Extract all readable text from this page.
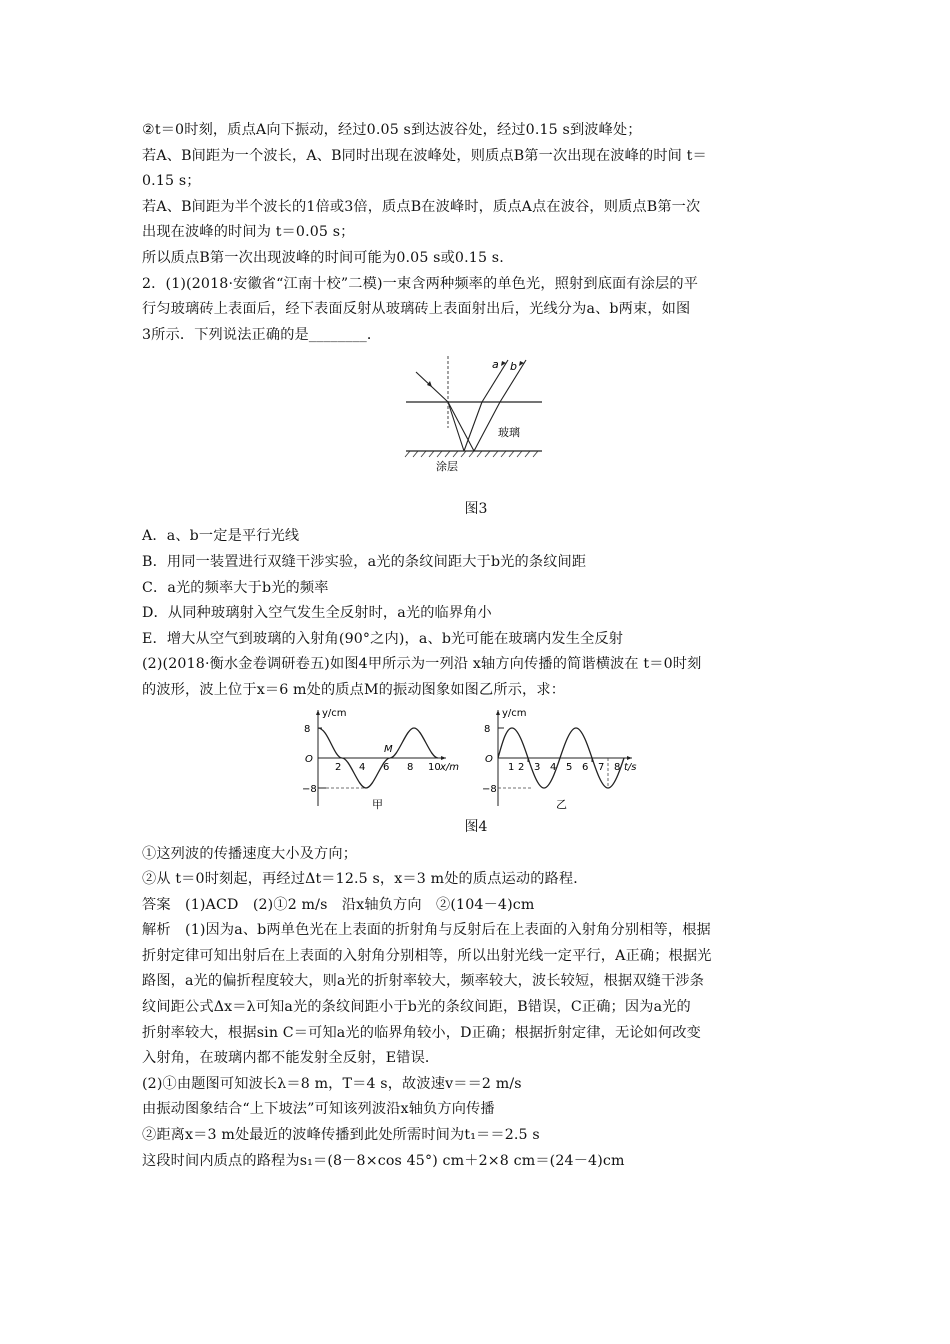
②t＝0时刻，质点A向下振动，经过0.05 s到达波谷处，经过0.15 s到波峰处；
若A、B间距为一个波长，A、B同时出现在波峰处，则质点B第一次出现在波峰的时间 t＝
0.15 s；
若A、B间距为半个波长的1倍或3倍，质点B在波峰时，质点A点在波谷，则质点B第一次
出现在波峰的时间为 t＝0.05 s；
所以质点B第一次出现波峰的时间可能为0.05 s或0.15 s.
2．(1)(2018·安徽省“江南十校”二模)一束含两种频率的单色光，照射到底面有涂层的平
行匀玻璃砖上表面后，经下表面反射从玻璃砖上表面射出后，光线分为a、b两束，如图
3所示．下列说法正确的是________．
a b
玻璃
涂层
图3
A．a、b一定是平行光线
B．用同一装置进行双缝干涉实验，a光的条纹间距大于b光的条纹间距
C．a光的频率大于b光的频率
D．从同种玻璃射入空气发生全反射时，a光的临界角小
E．增大从空气到玻璃的入射角(90°之内)，a、b光可能在玻璃内发生全反射
(2)(2018·衡水金卷调研卷五)如图4甲所示为一列沿 x轴方向传播的简谐横波在 t＝0时刻
的波形，波上位于x＝6 m处的质点M的振动图象如图乙所示，求：
y/cm
8
−8
O
2 4 6 8 10 x/m
M
甲
y/cm
8
−8
O
1 2 3 4 5 6 7 8 t/s
乙
图4
①这列波的传播速度大小及方向；
②从 t＝0时刻起，再经过Δt＝12.5 s，x＝3 m处的质点运动的路程．
答案　(1)ACD　(2)①2 m/s　沿x轴负方向　②(104－4)cm
解析　(1)因为a、b两单色光在上表面的折射角与反射后在上表面的入射角分别相等，根据
折射定律可知出射后在上表面的入射角分别相等，所以出射光线一定平行，A正确；根据光
路图，a光的偏折程度较大，则a光的折射率较大，频率较大，波长较短，根据双缝干涉条
纹间距公式Δx＝λ可知a光的条纹间距小于b光的条纹间距，B错误，C正确；因为a光的
折射率较大，根据sin C＝可知a光的临界角较小，D正确；根据折射定律，无论如何改变
入射角，在玻璃内都不能发射全反射，E错误．
(2)①由题图可知波长λ＝8 m，T＝4 s，故波速v＝＝2 m/s
由振动图象结合“上下坡法”可知该列波沿x轴负方向传播
②距离x＝3 m处最近的波峰传播到此处所需时间为t₁＝＝2.5 s
这段时间内质点的路程为s₁＝(8－8×cos 45°) cm＋2×8 cm＝(24－4)cm
